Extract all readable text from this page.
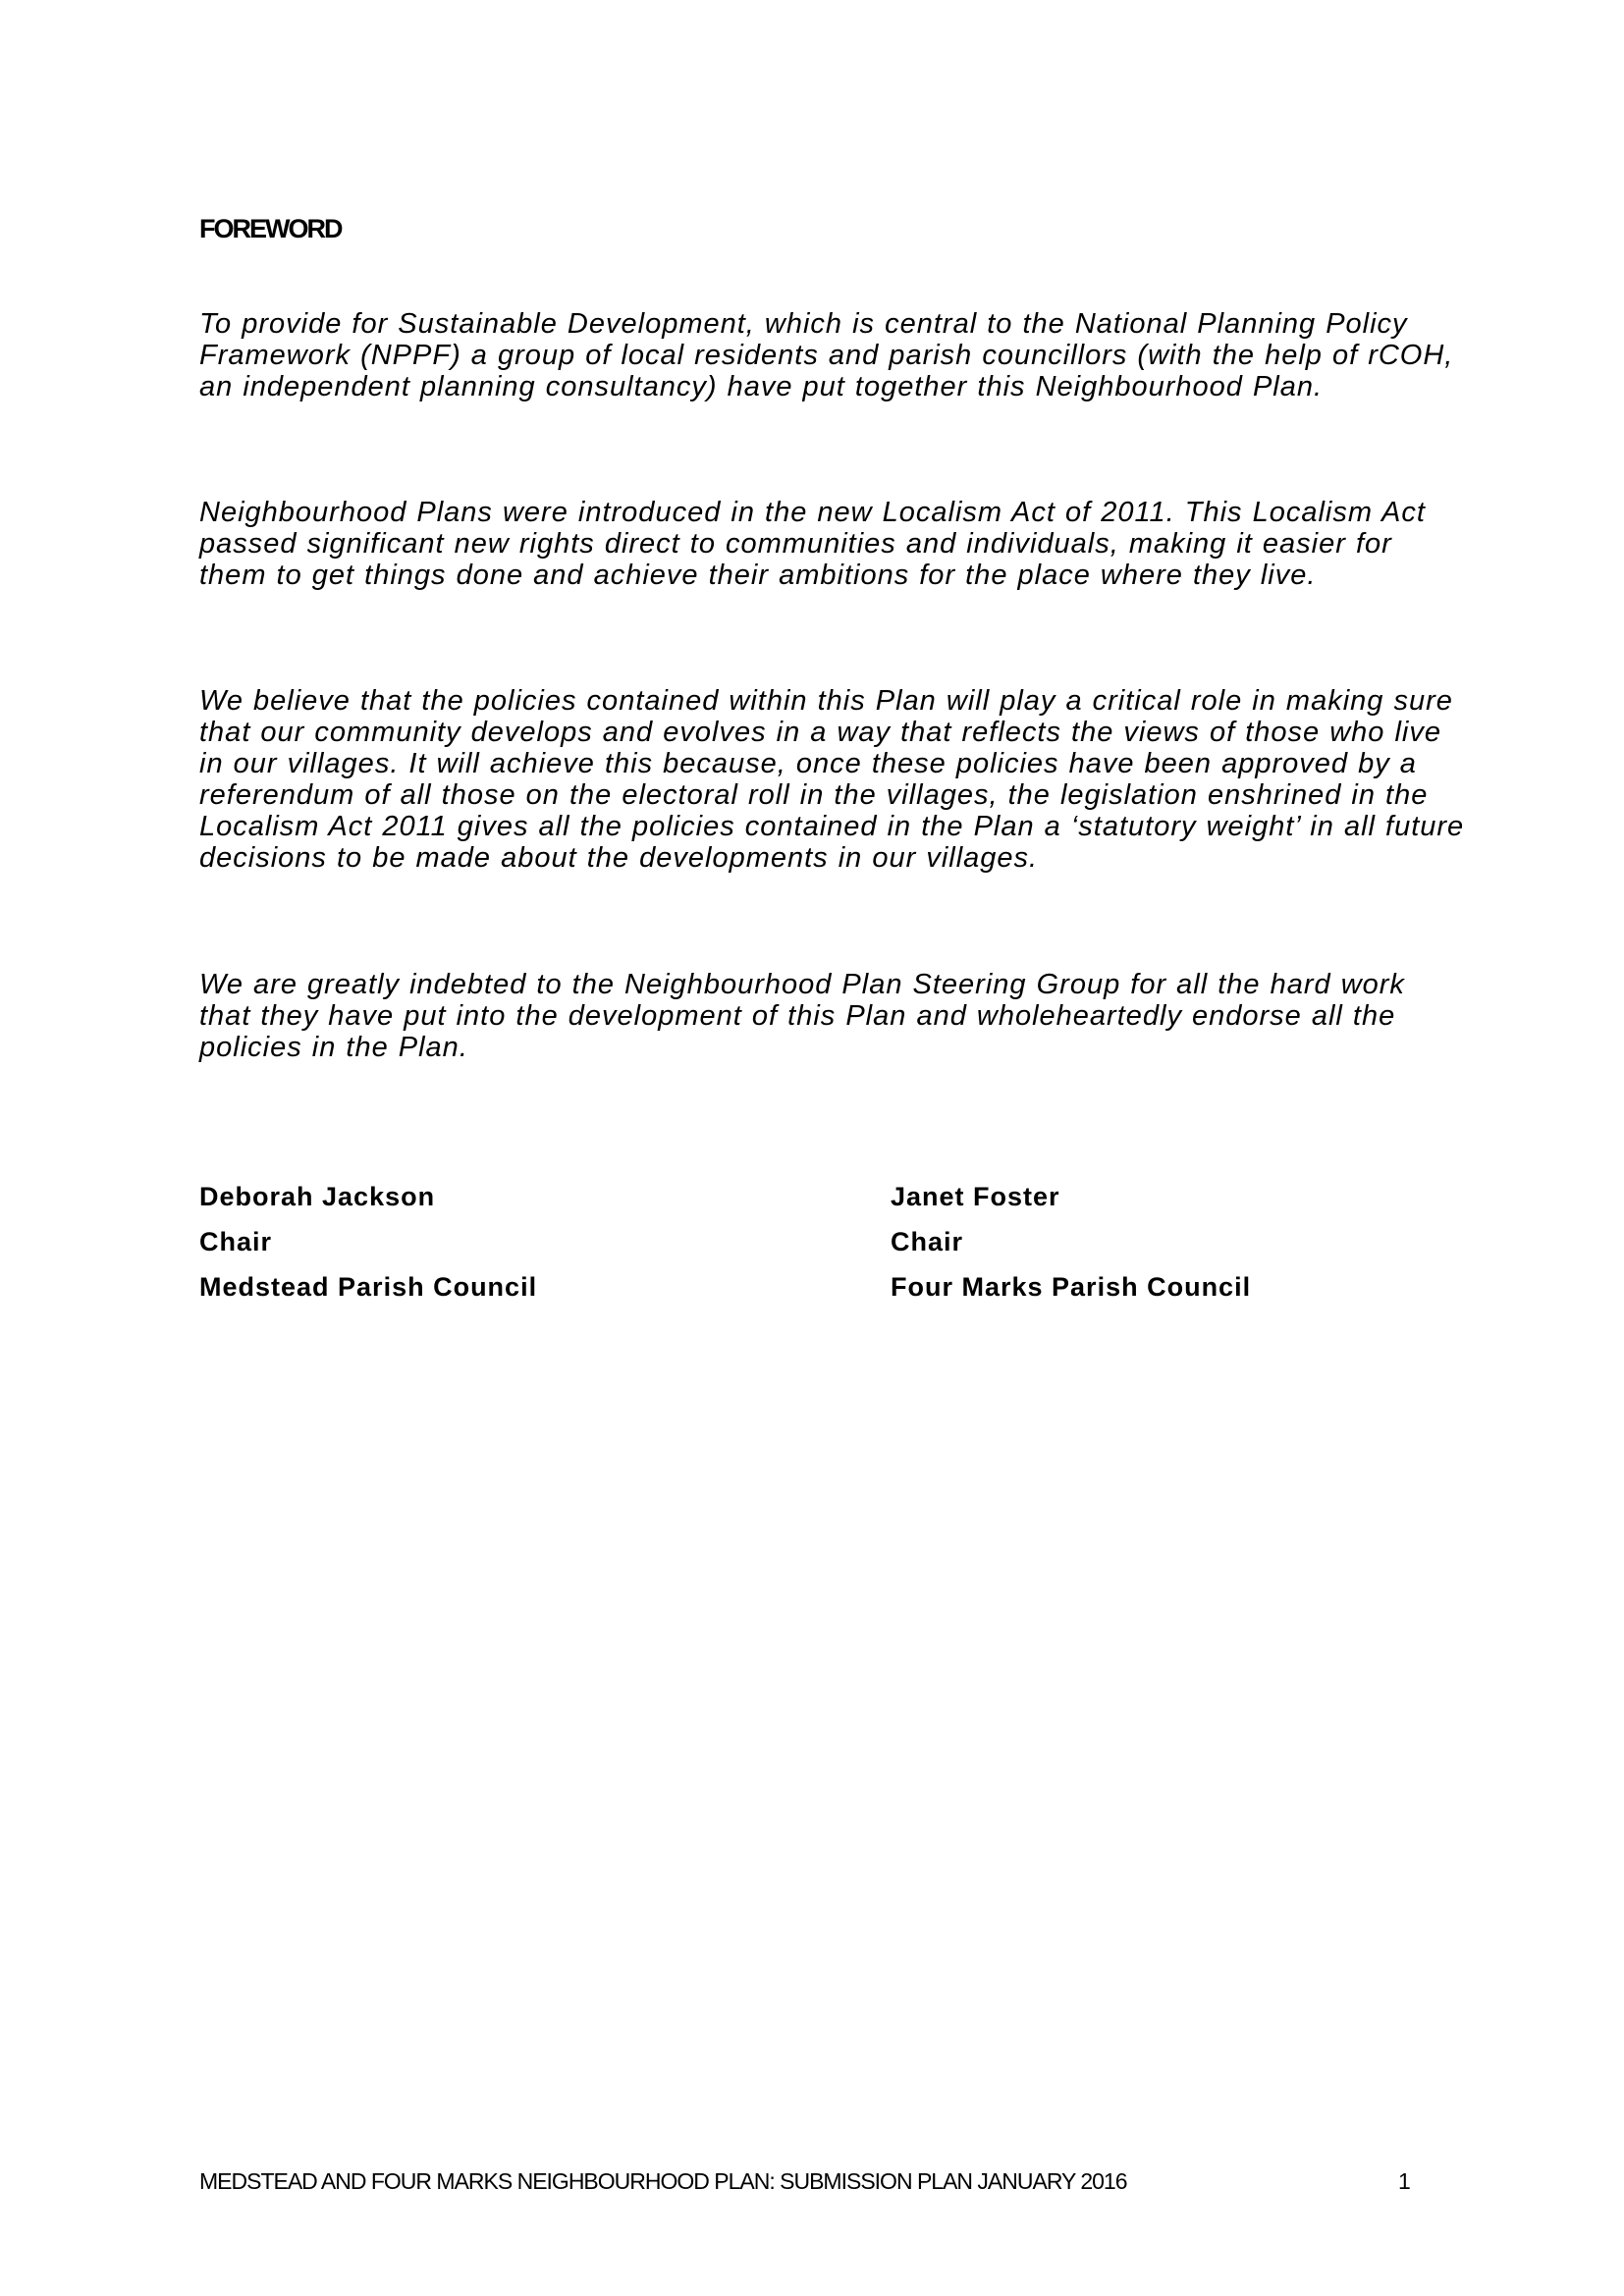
FOREWORD

To provide for Sustainable Development, which is central to the National Planning Policy Framework (NPPF) a group of local residents and parish councillors (with the help of rCOH, an independent planning consultancy) have put together this Neighbourhood Plan.

Neighbourhood Plans were introduced in the new Localism Act of 2011. This Localism Act passed significant new rights direct to communities and individuals, making it easier for them to get things done and achieve their ambitions for the place where they live.

We believe that the policies contained within this Plan will play a critical role in making sure that our community develops and evolves in a way that reflects the views of those who live in our villages. It will achieve this because, once these policies have been approved by a referendum of all those on the electoral roll in the villages, the legislation enshrined in the Localism Act 2011 gives all the policies contained in the Plan a ‘statutory weight’ in all future decisions to be made about the developments in our villages.

We are greatly indebted to the Neighbourhood Plan Steering Group for all the hard work that they have put into the development of this Plan and wholeheartedly endorse all the policies in the Plan.

Deborah Jackson
Chair
Medstead Parish Council
Janet Foster
Chair
Four Marks Parish Council
MEDSTEAD AND FOUR MARKS NEIGHBOURHOOD PLAN: SUBMISSION PLAN JANUARY 2016	1
